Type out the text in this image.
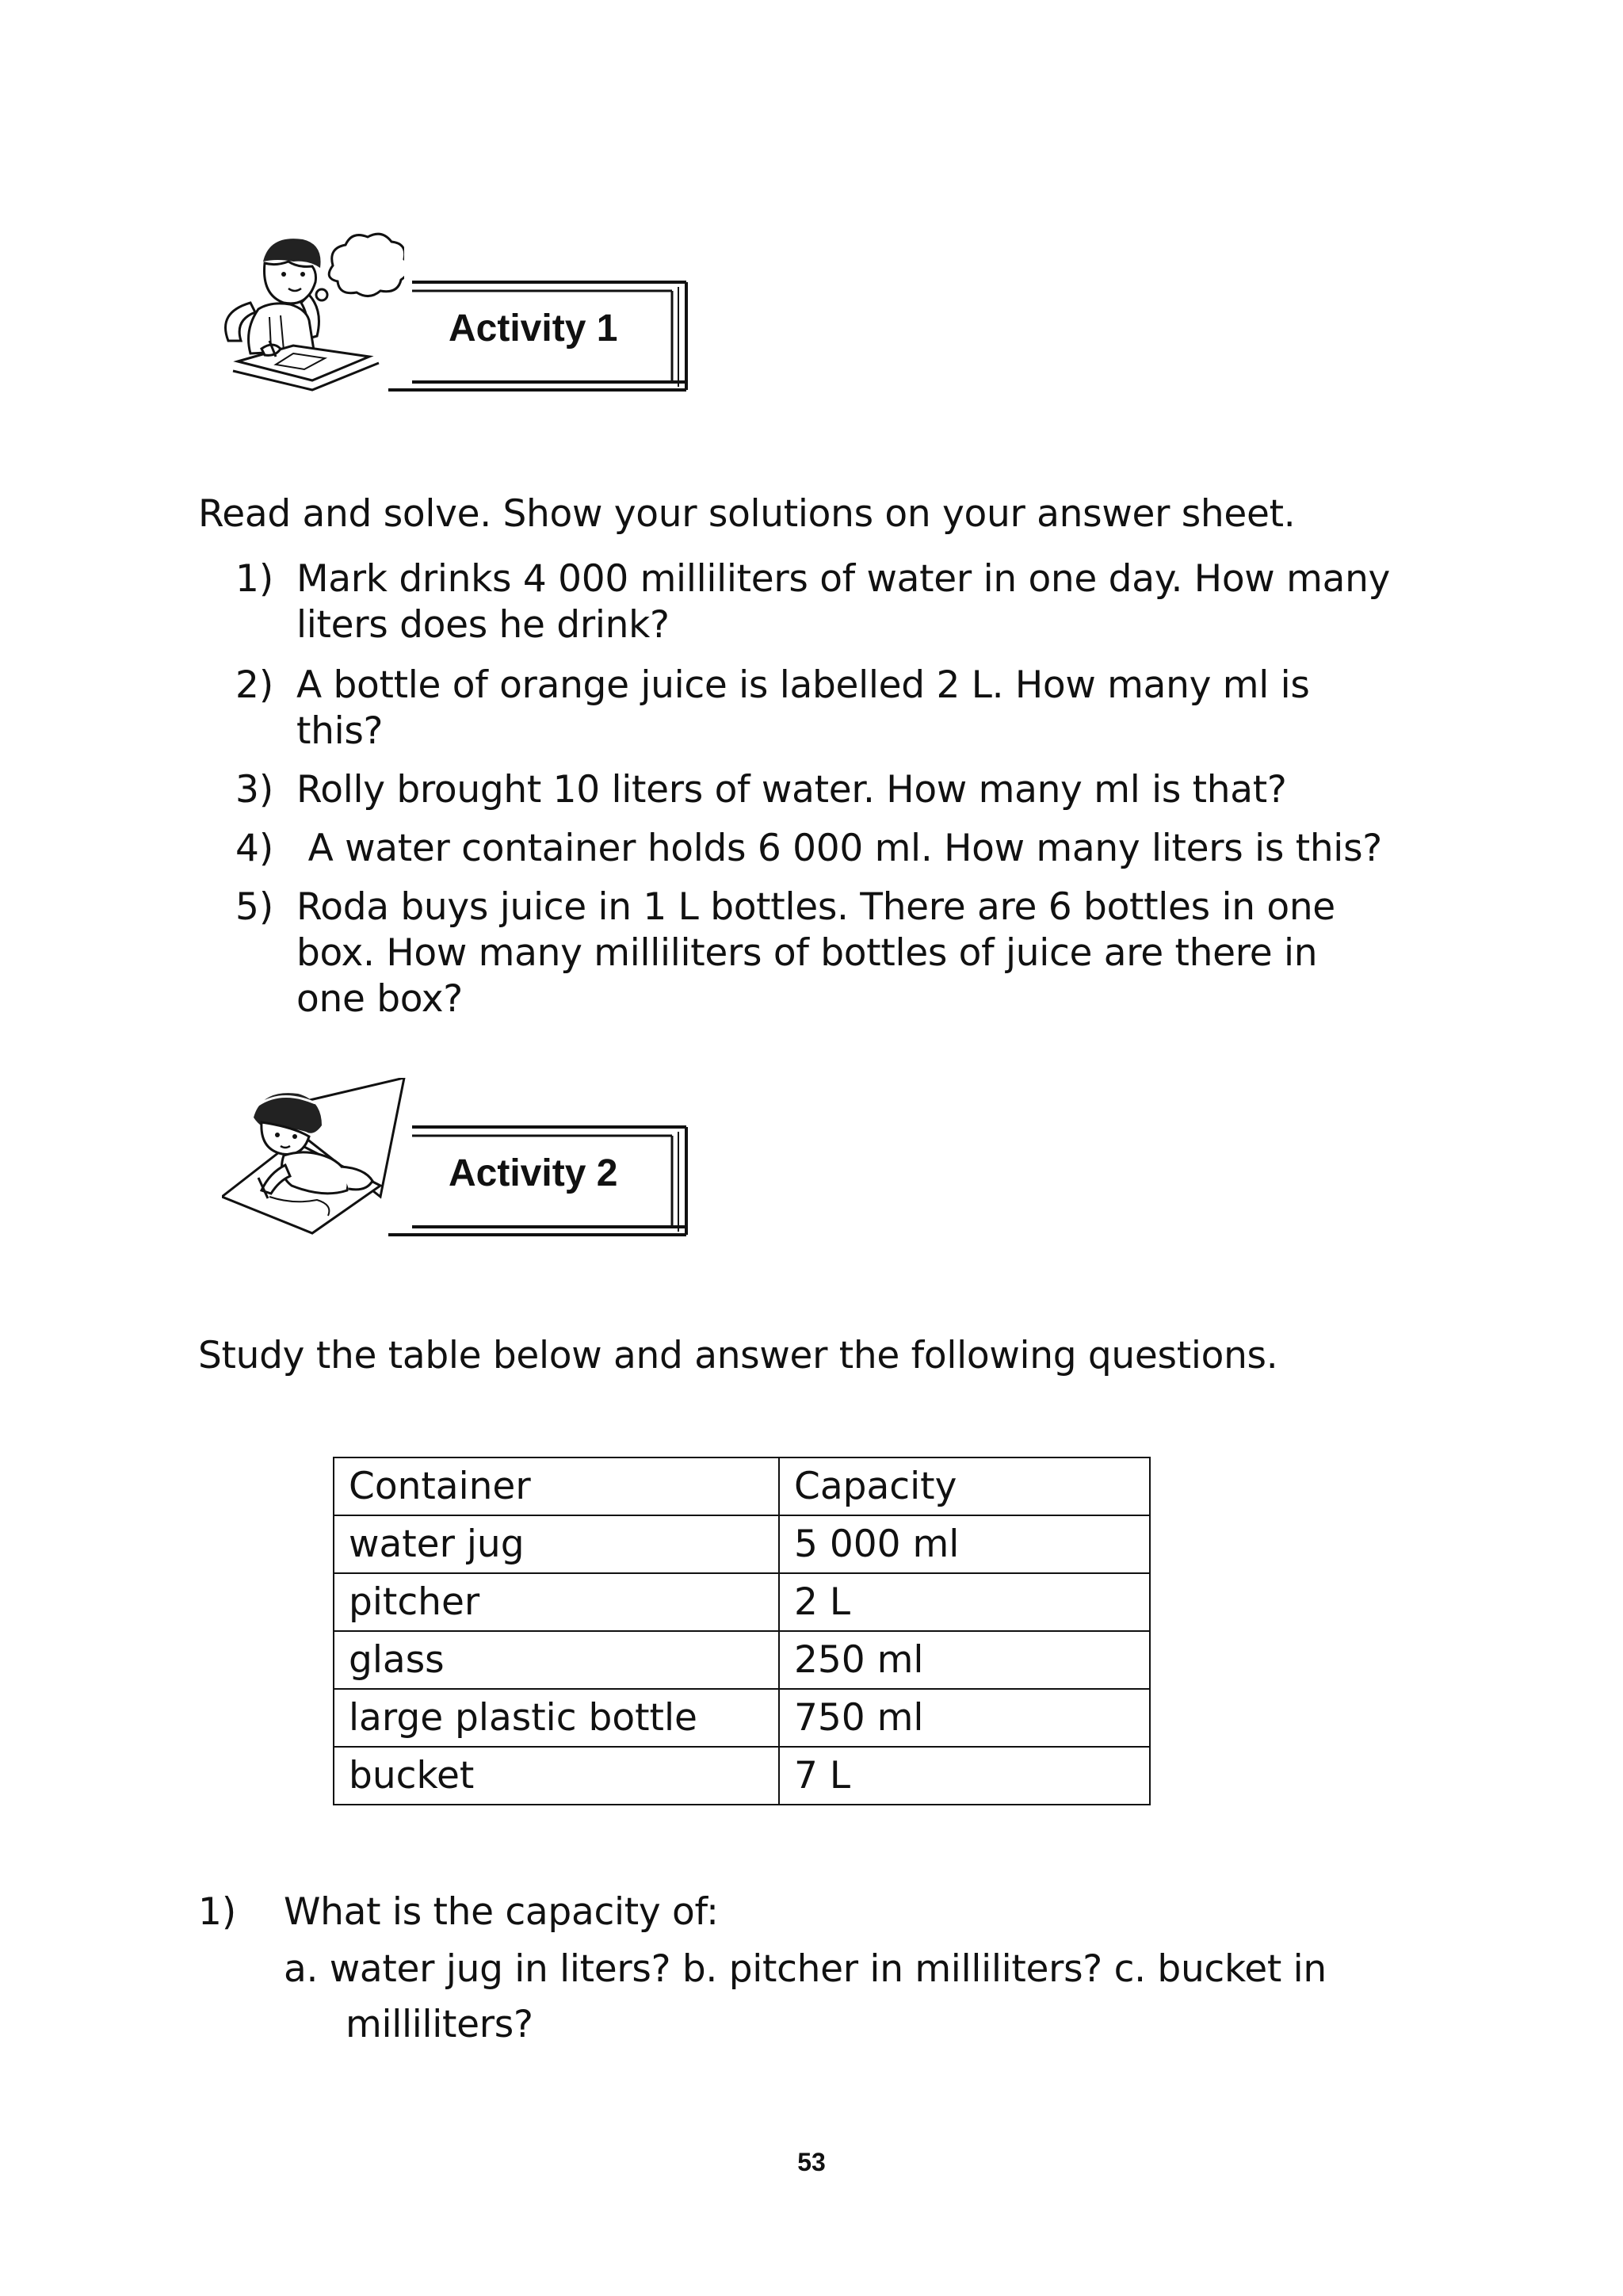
Activity 1
Read and solve. Show your solutions on your answer sheet.
1) Mark drinks 4 000 milliliters of water in one day. How many
liters does he drink?
2) A bottle of orange juice is labelled 2 L. How many ml is
this?
3) Rolly brought 10 liters of water. How many ml is that?
4) A water container holds 6 000 ml. How many liters is this?
5) Roda buys juice in 1 L bottles. There are 6 bottles in one
box. How many milliliters of bottles of juice are there in
one box?
Activity 2
Study the table below and answer the following questions.
Container	Capacity
water jug	5 000 ml
pitcher	2 L
glass	250 ml
large plastic bottle	750 ml
bucket	7 L
1) What is the capacity of:
a. water jug in liters? b. pitcher in milliliters? c. bucket in
milliliters?
53
